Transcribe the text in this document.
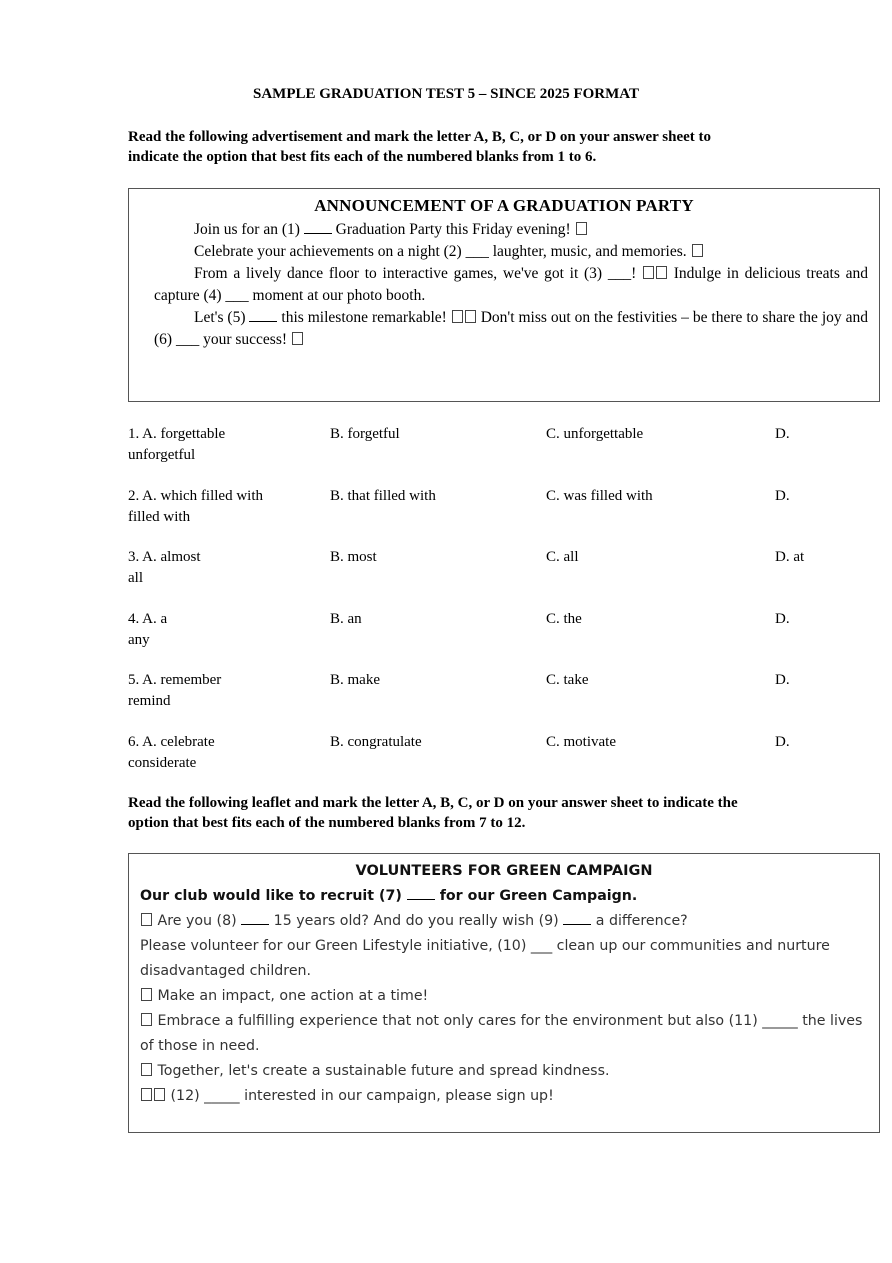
SAMPLE GRADUATION TEST 5 – SINCE 2025 FORMAT
Read the following advertisement and mark the letter A, B, C, or D on your answer sheet to
indicate the option that best fits each of the numbered blanks from 1 to 6.
ANNOUNCEMENT OF A GRADUATION PARTY

Join us for an (1)  Graduation Party this Friday evening!

Celebrate your achievements on a night (2) ___ laughter, music, and memories.

From a lively dance floor to interactive games, we've got it (3) ___!  Indulge in delicious treats and capture (4) ___ moment at our photo booth.

Let's (5)  this milestone remarkable!  Don't miss out on the festivities – be there to share the joy and (6) ___ your success!

1. A. forgettable	B. forgetful	C. unforgettable	D.
unforgetful
2. A. which filled with	B. that filled with	C. was filled with	D.
filled with
3. A. almost	B. most	C. all	D. at
all
4. A. a	B. an	C. the	D.
any
5. A. remember	B. make	C. take	D.
remind
6. A. celebrate	B. congratulate	C. motivate	D.
considerate
Read the following leaflet and mark the letter A, B, C, or D on your answer sheet to indicate the
option that best fits each of the numbered blanks from 7 to 12.
VOLUNTEERS FOR GREEN CAMPAIGN

Our club would like to recruit (7)  for our Green Campaign.

Are you (8)  15 years old? And do you really wish (9)  a difference?

Please volunteer for our Green Lifestyle initiative, (10) ___ clean up our communities and nurture disadvantaged children.

Make an impact, one action at a time!

Embrace a fulfilling experience that not only cares for the environment but also (11) _____ the lives of those in need.

Together, let's create a sustainable future and spread kindness.

(12) _____ interested in our campaign, please sign up!
